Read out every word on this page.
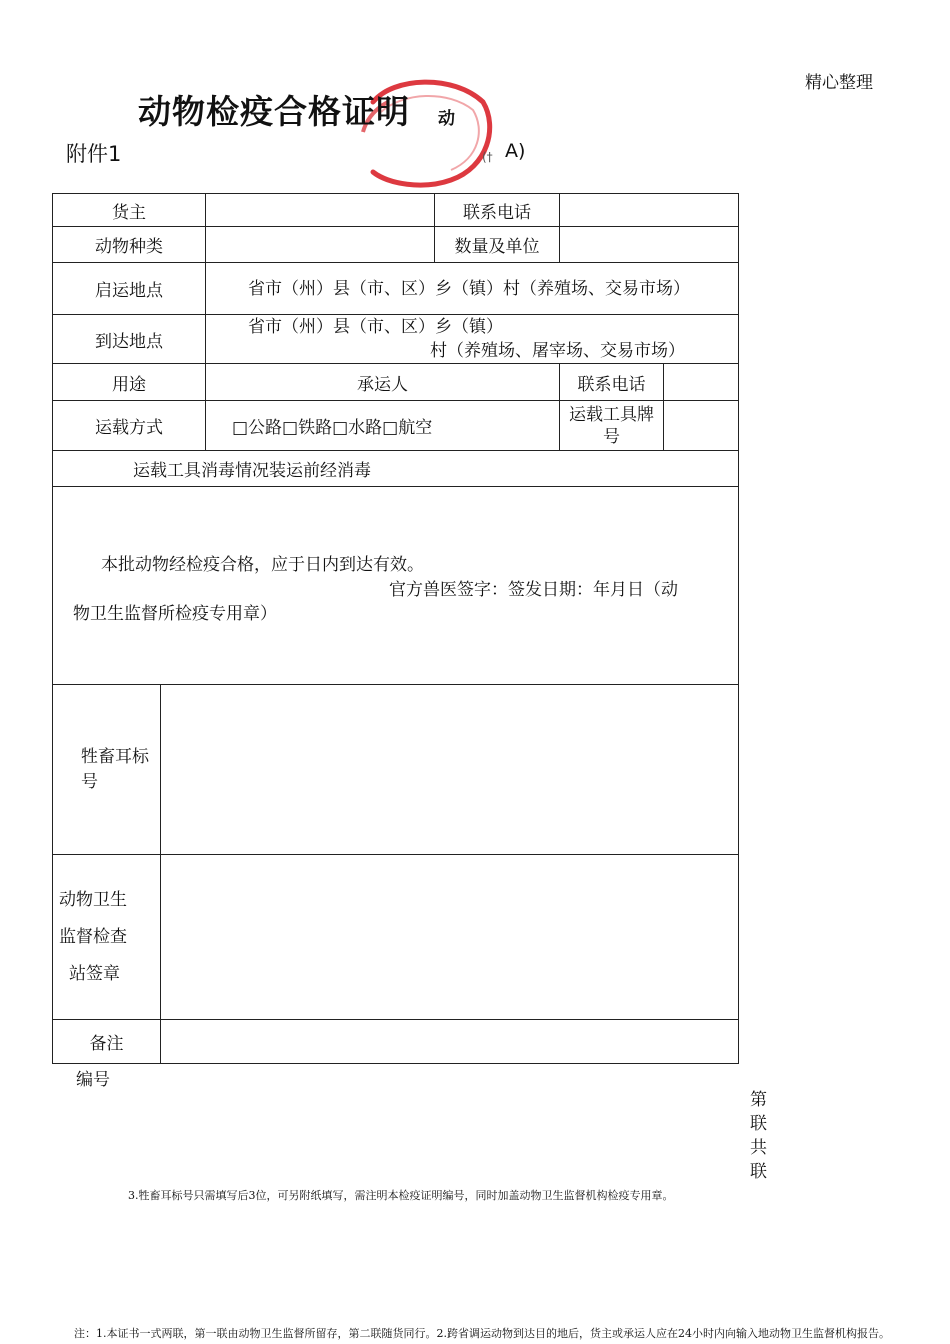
精心整理
动物检疫合格证明 动
附件1	(† A)
货主			联系电话		
动物种类			数量及单位		
启运地点		省市（州）县（市、区）乡（镇）村（养殖场、交易市场）			
到达地点		省市（州）县（市、区）乡（镇）
村（养殖场、屠宰场、交易市场）			

用途		承运人		联系电话	
运载方式		□公路□铁路□水路□航空		运载工具牌号	
运载工具消毒情况装运前经消毒					

本批动物经检疫合格，应于日内到达有效。
官方兽医签字：签发日期：年月日（动
物卫生监督所检疫专用章）					

牲畜耳标号					

动物卫生
监督检查
站签章					

备注					
编号
第
联
共
联
3.牲畜耳标号只需填写后3位，可另附纸填写，需注明本检疫证明编号，同时加盖动物卫生监督机构检疫专用章。
注：1.本证书一式两联，第一联由动物卫生监督所留存，第二联随货同行。2.跨省调运动物到达目的地后，货主或承运人应在24小时内向输入地动物卫生监督机构报告。
